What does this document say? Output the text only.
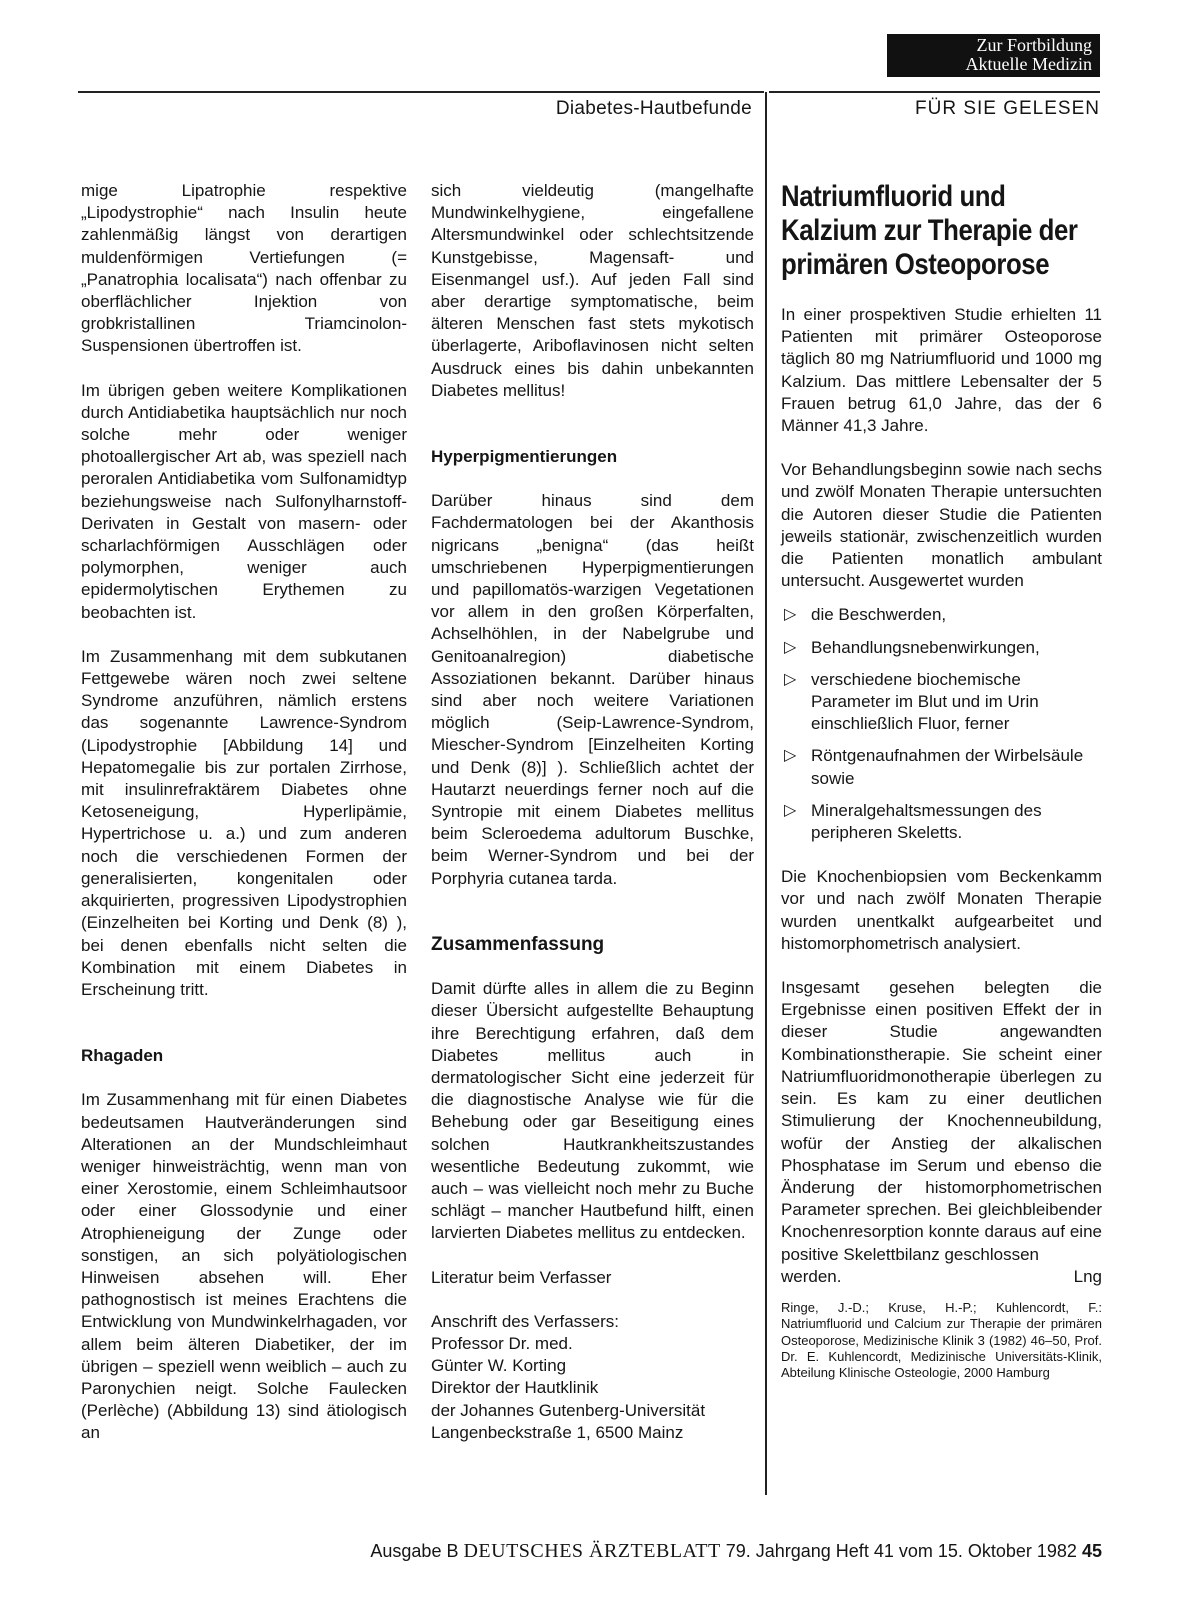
Zur Fortbildung
Aktuelle Medizin
Diabetes-Hautbefunde	FÜR SIE GELESEN

mige Lipatrophie respektive „Lipodystrophie“ nach Insulin heute zahlenmäßig längst von derartigen muldenförmigen Vertiefungen (= „Panatrophia localisata“) nach offenbar zu oberflächlicher Injektion von grobkristallinen Triamcinolon-Suspensionen übertroffen ist.

Im übrigen geben weitere Komplikationen durch Antidiabetika hauptsächlich nur noch solche mehr oder weniger photoallergischer Art ab, was speziell nach peroralen Antidiabetika vom Sulfonamidtyp beziehungsweise nach Sulfonylharnstoff-Derivaten in Gestalt von masern- oder scharlachförmigen Ausschlägen oder polymorphen, weniger auch epidermolytischen Erythemen zu beobachten ist.

Im Zusammenhang mit dem subkutanen Fettgewebe wären noch zwei seltene Syndrome anzuführen, nämlich erstens das sogenannte Lawrence-Syndrom (Lipodystrophie [Abbildung 14] und Hepatomegalie bis zur portalen Zirrhose, mit insulinrefraktärem Diabetes ohne Ketoseneigung, Hyperlipämie, Hypertrichose u. a.) und zum anderen noch die verschiedenen Formen der generalisierten, kongenitalen oder akquirierten, progressiven Lipodystrophien (Einzelheiten bei Korting und Denk (8) ), bei denen ebenfalls nicht selten die Kombination mit einem Diabetes in Erscheinung tritt.

Rhagaden

Im Zusammenhang mit für einen Diabetes bedeutsamen Hautveränderungen sind Alterationen an der Mundschleimhaut weniger hinweisträchtig, wenn man von einer Xerostomie, einem Schleimhautsoor oder einer Glossodynie und einer Atrophieneigung der Zunge oder sonstigen, an sich polyätiologischen Hinweisen absehen will. Eher pathognostisch ist meines Erachtens die Entwicklung von Mundwinkelrhagaden, vor allem beim älteren Diabetiker, der im übrigen – speziell wenn weiblich – auch zu Paronychien neigt. Solche Faulecken (Perlèche) (Abbildung 13) sind ätiologisch an

sich vieldeutig (mangelhafte Mundwinkelhygiene, eingefallene Altersmundwinkel oder schlechtsitzende Kunstgebisse, Magensaft- und Eisenmangel usf.). Auf jeden Fall sind aber derartige symptomatische, beim älteren Menschen fast stets mykotisch überlagerte, Ariboflavinosen nicht selten Ausdruck eines bis dahin unbekannten Diabetes mellitus!

Hyperpigmentierungen

Darüber hinaus sind dem Fachdermatologen bei der Akanthosis nigricans „benigna“ (das heißt umschriebenen Hyperpigmentierungen und papillomatös-warzigen Vegetationen vor allem in den großen Körperfalten, Achselhöhlen, in der Nabelgrube und Genitoanalregion) diabetische Assoziationen bekannt. Darüber hinaus sind aber noch weitere Variationen möglich (Seip-Lawrence-Syndrom, Miescher-Syndrom [Einzelheiten Korting und Denk (8)] ). Schließlich achtet der Hautarzt neuerdings ferner noch auf die Syntropie mit einem Diabetes mellitus beim Scleroedema adultorum Buschke, beim Werner-Syndrom und bei der Porphyria cutanea tarda.

Zusammenfassung

Damit dürfte alles in allem die zu Beginn dieser Übersicht aufgestellte Behauptung ihre Berechtigung erfahren, daß dem Diabetes mellitus auch in dermatologischer Sicht eine jederzeit für die diagnostische Analyse wie für die Behebung oder gar Beseitigung eines solchen Hautkrankheitszustandes wesentliche Bedeutung zukommt, wie auch – was vielleicht noch mehr zu Buche schlägt – mancher Hautbefund hilft, einen larvierten Diabetes mellitus zu entdecken.

Literatur beim Verfasser

Anschrift des Verfassers:

Professor Dr. med.

Günter W. Korting

Direktor der Hautklinik

der Johannes Gutenberg-Universität

Langenbeckstraße 1, 6500 Mainz

Natriumfluorid und Kalzium zur Therapie der primären Osteoporose

In einer prospektiven Studie erhielten 11 Patienten mit primärer Osteoporose täglich 80 mg Natriumfluorid und 1000 mg Kalzium. Das mittlere Lebensalter der 5 Frauen betrug 61,0 Jahre, das der 6 Männer 41,3 Jahre.

Vor Behandlungsbeginn sowie nach sechs und zwölf Monaten Therapie untersuchten die Autoren dieser Studie die Patienten jeweils stationär, zwischenzeitlich wurden die Patienten monatlich ambulant untersucht. Ausgewertet wurden

▷ die Beschwerden,
▷ Behandlungsnebenwirkungen,
▷ verschiedene biochemische Parameter im Blut und im Urin einschließlich Fluor, ferner
▷ Röntgenaufnahmen der Wirbelsäule sowie
▷ Mineralgehaltsmessungen des peripheren Skeletts.

Die Knochenbiopsien vom Beckenkamm vor und nach zwölf Monaten Therapie wurden unentkalkt aufgearbeitet und histomorphometrisch analysiert.

Insgesamt gesehen belegten die Ergebnisse einen positiven Effekt der in dieser Studie angewandten Kombinationstherapie. Sie scheint einer Natriumfluoridmonotherapie überlegen zu sein. Es kam zu einer deutlichen Stimulierung der Knochenneubildung, wofür der Anstieg der alkalischen Phosphatase im Serum und ebenso die Änderung der histomorphometrischen Parameter sprechen. Bei gleichbleibender Knochenresorption konnte daraus auf eine positive Skelettbilanz geschlossen

werden.	Lng

Ringe, J.-D.; Kruse, H.-P.; Kuhlencordt, F.: Natriumfluorid und Calcium zur Therapie der primären Osteoporose, Medizinische Klinik 3 (1982) 46–50, Prof. Dr. E. Kuhlencordt, Medizinische Universitäts-Klinik, Abteilung Klinische Osteologie, 2000 Hamburg

Ausgabe B DEUTSCHES ÄRZTEBLATT 79. Jahrgang Heft 41 vom 15. Oktober 1982 45
